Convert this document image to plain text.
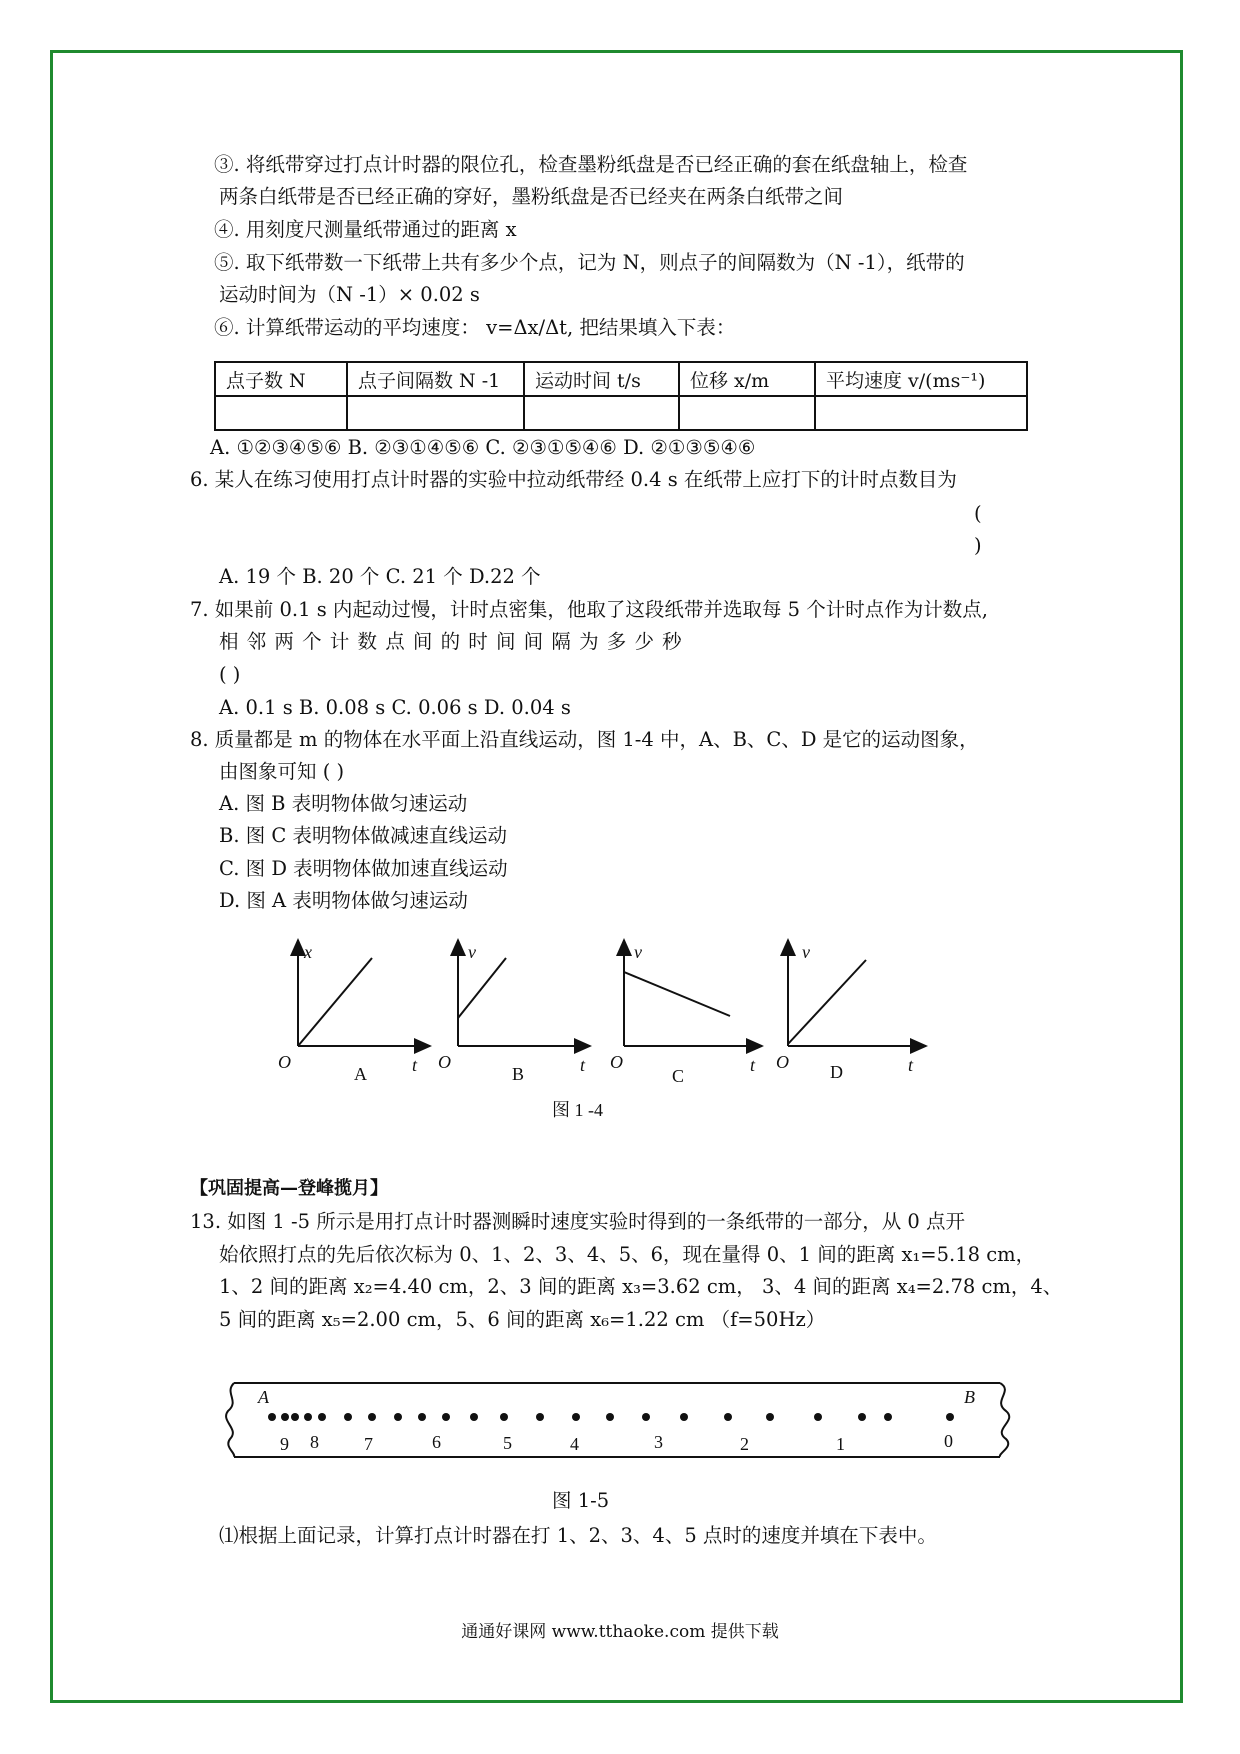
③. 将纸带穿过打点计时器的限位孔，检查墨粉纸盘是否已经正确的套在纸盘轴上，检查
两条白纸带是否已经正确的穿好，墨粉纸盘是否已经夹在两条白纸带之间
④. 用刻度尺测量纸带通过的距离 x
⑤. 取下纸带数一下纸带上共有多少个点，记为 N，则点子的间隔数为（N -1），纸带的
运动时间为（N -1）× 0.02 s
⑥. 计算纸带运动的平均速度： v=Δx/Δt, 把结果填入下表：
点子数 N	点子间隔数 N -1	运动时间 t/s	位移 x/m	平均速度 v/(ms⁻¹)

A. ①②③④⑤⑥ B. ②③①④⑤⑥ C. ②③①⑤④⑥ D. ②①③⑤④⑥
6. 某人在练习使用打点计时器的实验中拉动纸带经 0.4 s 在纸带上应打下的计时点数目为
(
)
A. 19 个 B. 20 个 C. 21 个 D.22 个
7. 如果前 0.1 s 内起动过慢，计时点密集，他取了这段纸带并选取每 5 个计时点作为计数点,
相 邻 两 个 计 数 点 间 的 时 间 间 隔 为 多 少 秒
( )
A. 0.1 s B. 0.08 s C. 0.06 s D. 0.04 s
8. 质量都是 m 的物体在水平面上沿直线运动，图 1-4 中，A、B、C、D 是它的运动图象，
由图象可知 ( )
A. 图 B 表明物体做匀速运动
B. 图 C 表明物体做减速直线运动
C. 图 D 表明物体做加速直线运动
D. 图 A 表明物体做匀速运动
x
O	t
A
v
O	t
B
v
O	t
C
v
O	t
D
图 1 -4
【巩固提高—登峰揽月】
13. 如图 1 -5 所示是用打点计时器测瞬时速度实验时得到的一条纸带的一部分，从 0 点开
始依照打点的先后依次标为 0、1、2、3、4、5、6，现在量得 0、1 间的距离 x₁=5.18 cm，
1、2 间的距离 x₂=4.40 cm，2、3 间的距离 x₃=3.62 cm， 3、4 间的距离 x₄=2.78 cm，4、
5 间的距离 x₅=2.00 cm，5、6 间的距离 x₆=1.22 cm （f=50Hz）
A	B
9 8	7	6	5	4	3	2	1	0
图 1-5
⑴根据上面记录，计算打点计时器在打 1、2、3、4、5 点时的速度并填在下表中。
通通好课网 www.tthaoke.com 提供下载
